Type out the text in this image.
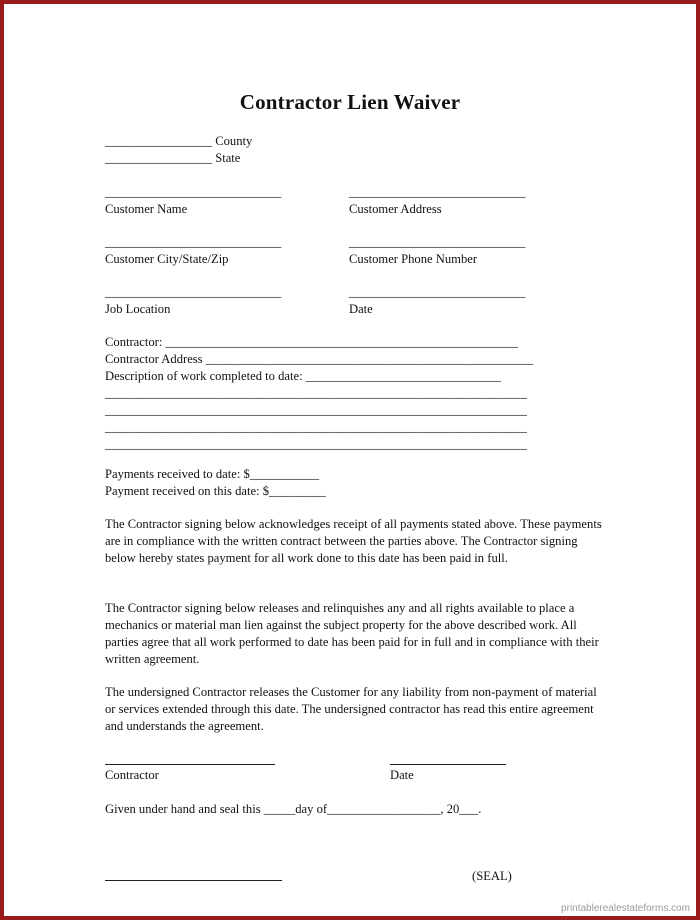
Contractor Lien Waiver
_________________ County
_________________ State
____________________________	____________________________
Customer Name	Customer Address
____________________________	____________________________
Customer City/State/Zip	Customer Phone Number
____________________________	____________________________
Job Location	Date
Contractor: ________________________________________________________
Contractor Address ____________________________________________________
Description of work completed to date: _______________________________
___________________________________________________________________
___________________________________________________________________
___________________________________________________________________
___________________________________________________________________
Payments received to date: $___________
Payment received on this date: $_________

The Contractor signing below acknowledges receipt of all payments stated above. These payments are in compliance with the written contract between the parties above. The Contractor signing below hereby states payment for all work done to this date has been paid in full.

The Contractor signing below releases and relinquishes any and all rights available to place a mechanics or material man lien against the subject property for the above described work. All parties agree that all work performed to date has been paid for in full and in compliance with their written agreement.

The undersigned Contractor releases the Customer for any liability from non-payment of material or services extended through this date. The undersigned contractor has read this entire agreement and understands the agreement.

Contractor	Date
Given under hand and seal this _____day of__________________, 20___.
(SEAL)
printablerealestateforms.com
